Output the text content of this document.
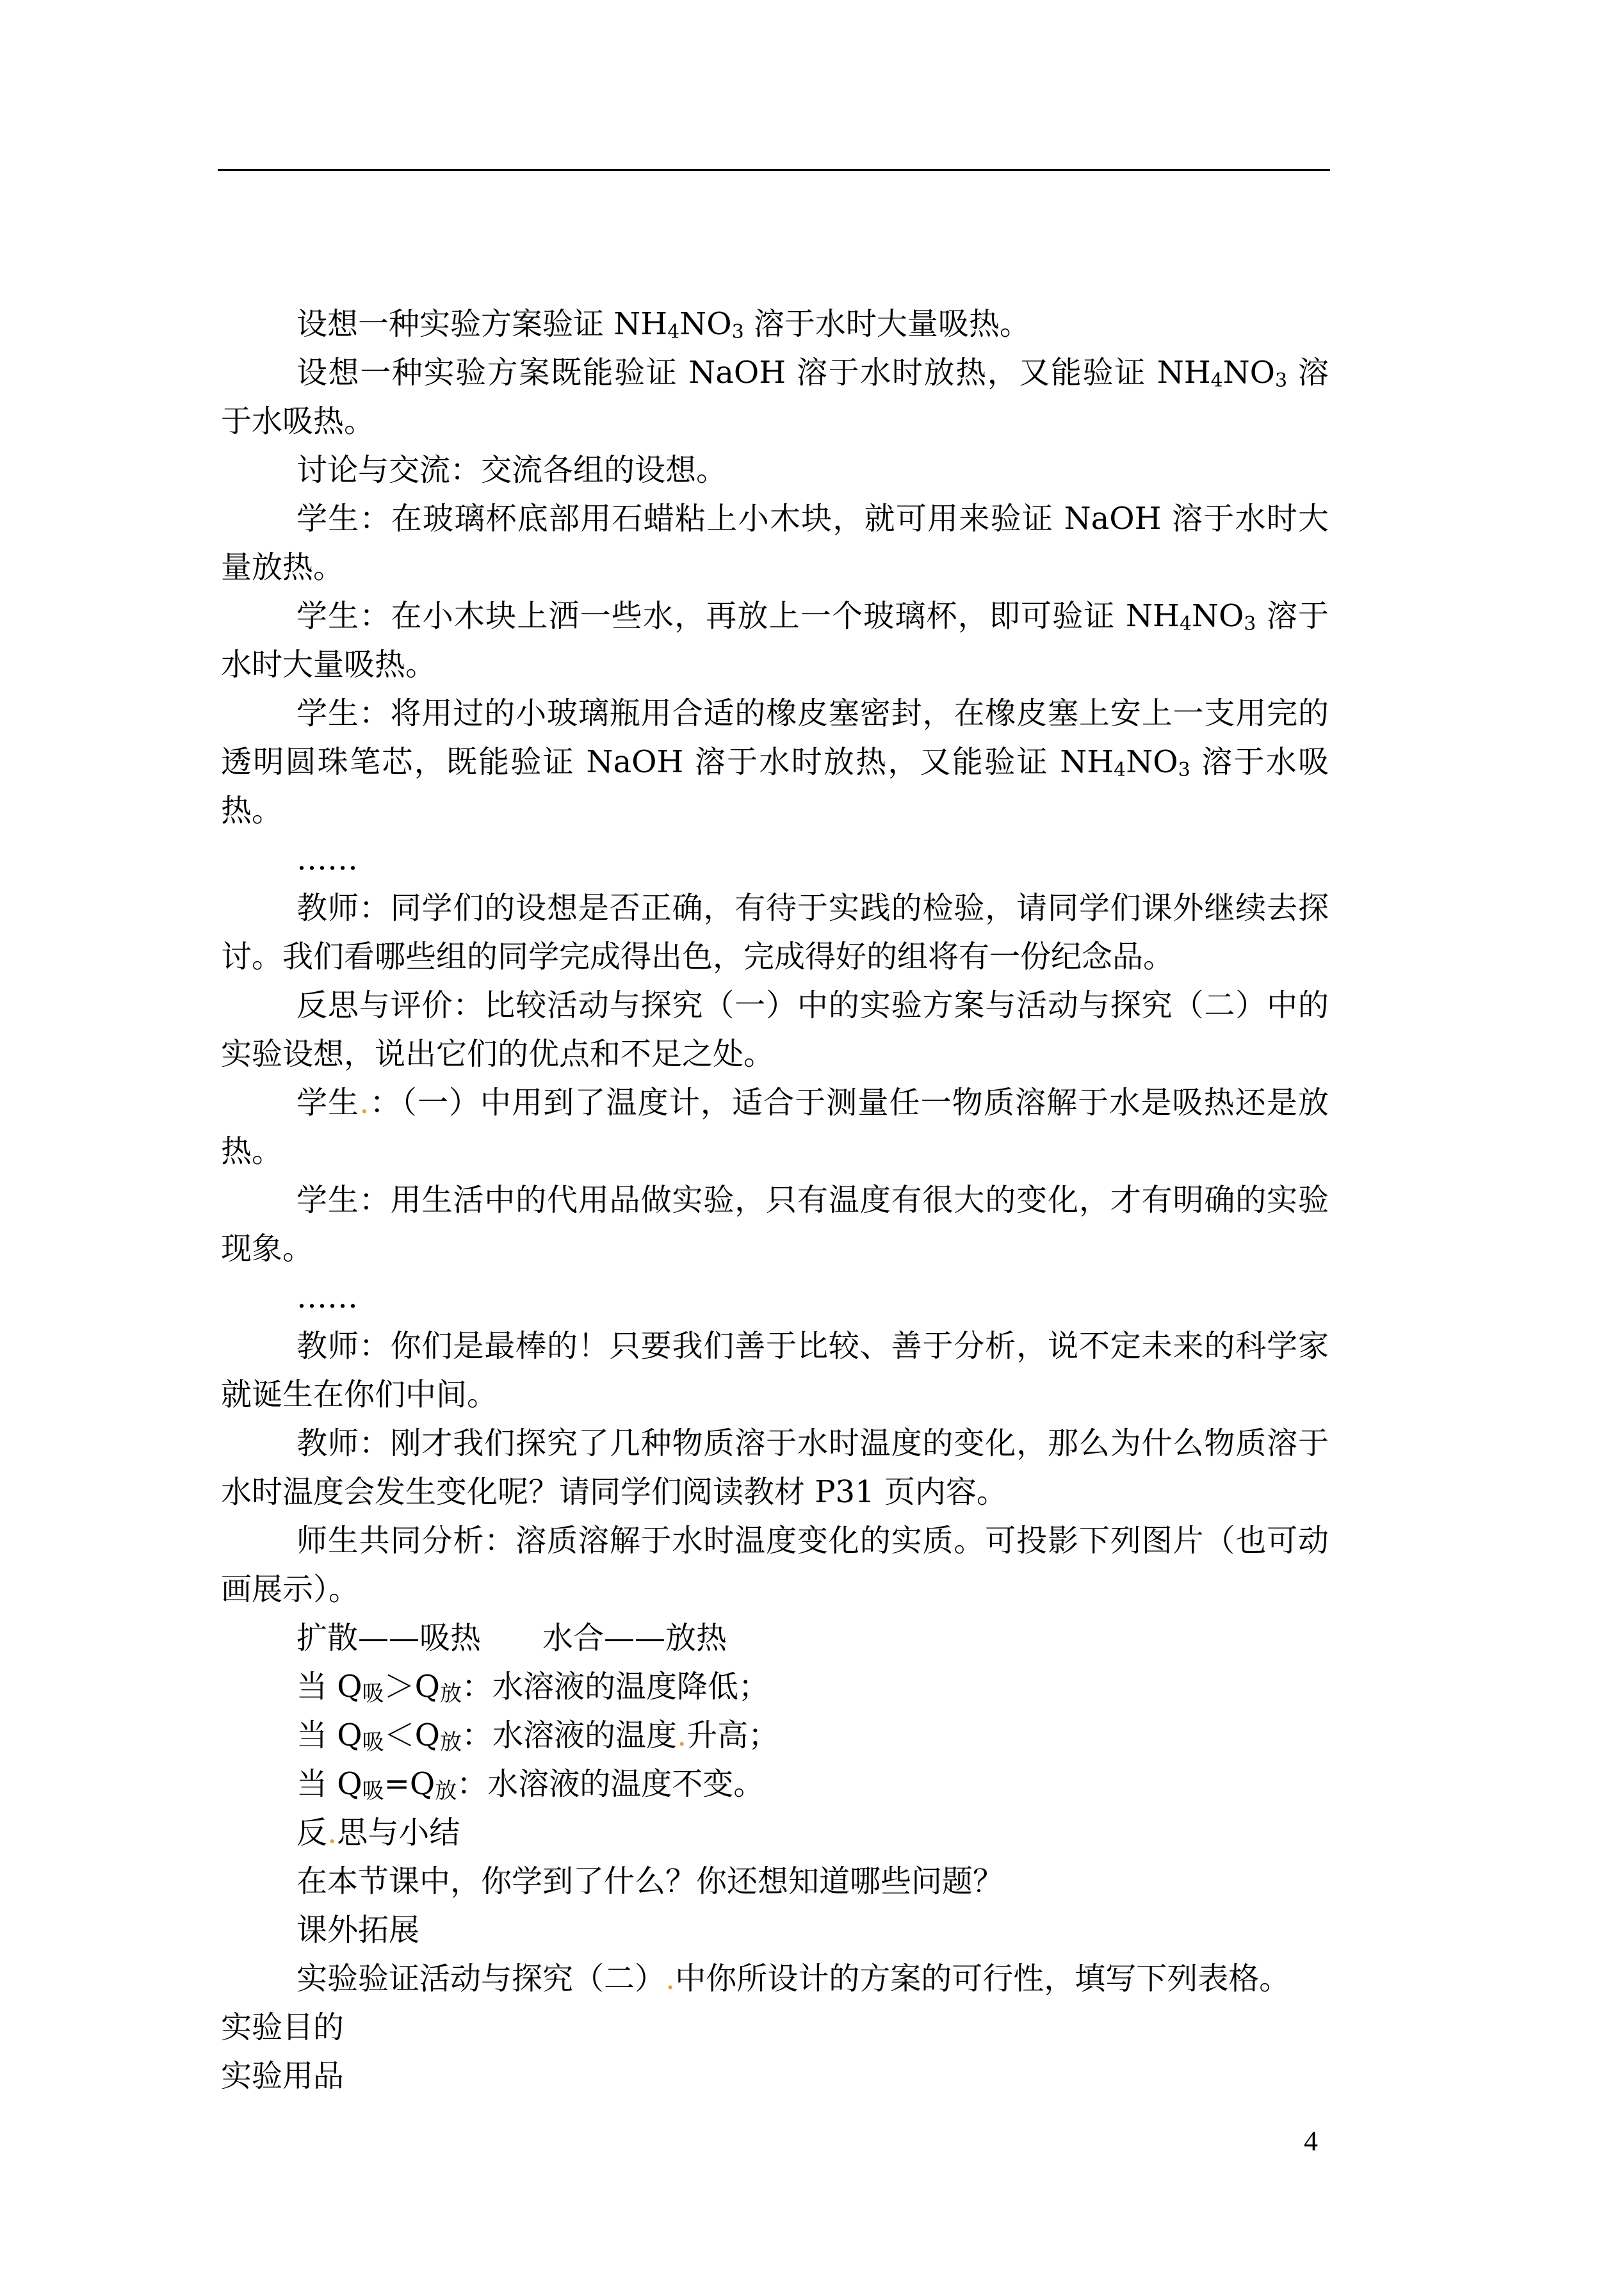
设想一种实验方案验证 $NH_4NO_3$ 溶于水时大量吸热。

设想一种实验方案既能验证 NaOH 溶于水时放热，又能验证 $NH_4NO_3$ 溶于水吸热。

讨论与交流：交流各组的设想。

学生：在玻璃杯底部用石蜡粘上小木块，就可用来验证 NaOH 溶于水时大量放热。

学生：在小木块上洒一些水，再放上一个玻璃杯，即可验证 $NH_4NO_3$ 溶于水时大量吸热。

学生：将用过的小玻璃瓶用合适的橡皮塞密封，在橡皮塞上安上一支用完的透明圆珠笔芯，既能验证 NaOH 溶于水时放热，又能验证 $NH_4NO_3$ 溶于水吸热。

……

教师：同学们的设想是否正确，有待于实践的检验，请同学们课外继续去探讨。我们看哪些组的同学完成得出色，完成得好的组将有一份纪念品。

反思与评价：比较活动与探究（一）中的实验方案与活动与探究（二）中的实验设想，说出它们的优点和不足之处。

学生.：（一）中用到了温度计，适合于测量任一物质溶解于水是吸热还是放热。

学生：用生活中的代用品做实验，只有温度有很大的变化，才有明确的实验现象。

……

教师：你们是最棒的！只要我们善于比较、善于分析，说不定未来的科学家就诞生在你们中间。

教师：刚才我们探究了几种物质溶于水时温度的变化，那么为什么物质溶于水时温度会发生变化呢？请同学们阅读教材 P31 页内容。

师生共同分析：溶质溶解于水时温度变化的实质。可投影下列图片（也可动画展示）。

扩散——吸热　　水合——放热

当 $Q_吸>Q_放$：水溶液的温度降低；

当 $Q_吸<Q_放$：水溶液的温度.升高；

当 $Q_吸=Q_放$：水溶液的温度不变。

反.思与小结

在本节课中，你学到了什么？你还想知道哪些问题？

课外拓展

实验验证活动与探究（二）.中你所设计的方案的可行性，填写下列表格。

实验目的

实验用品

4
